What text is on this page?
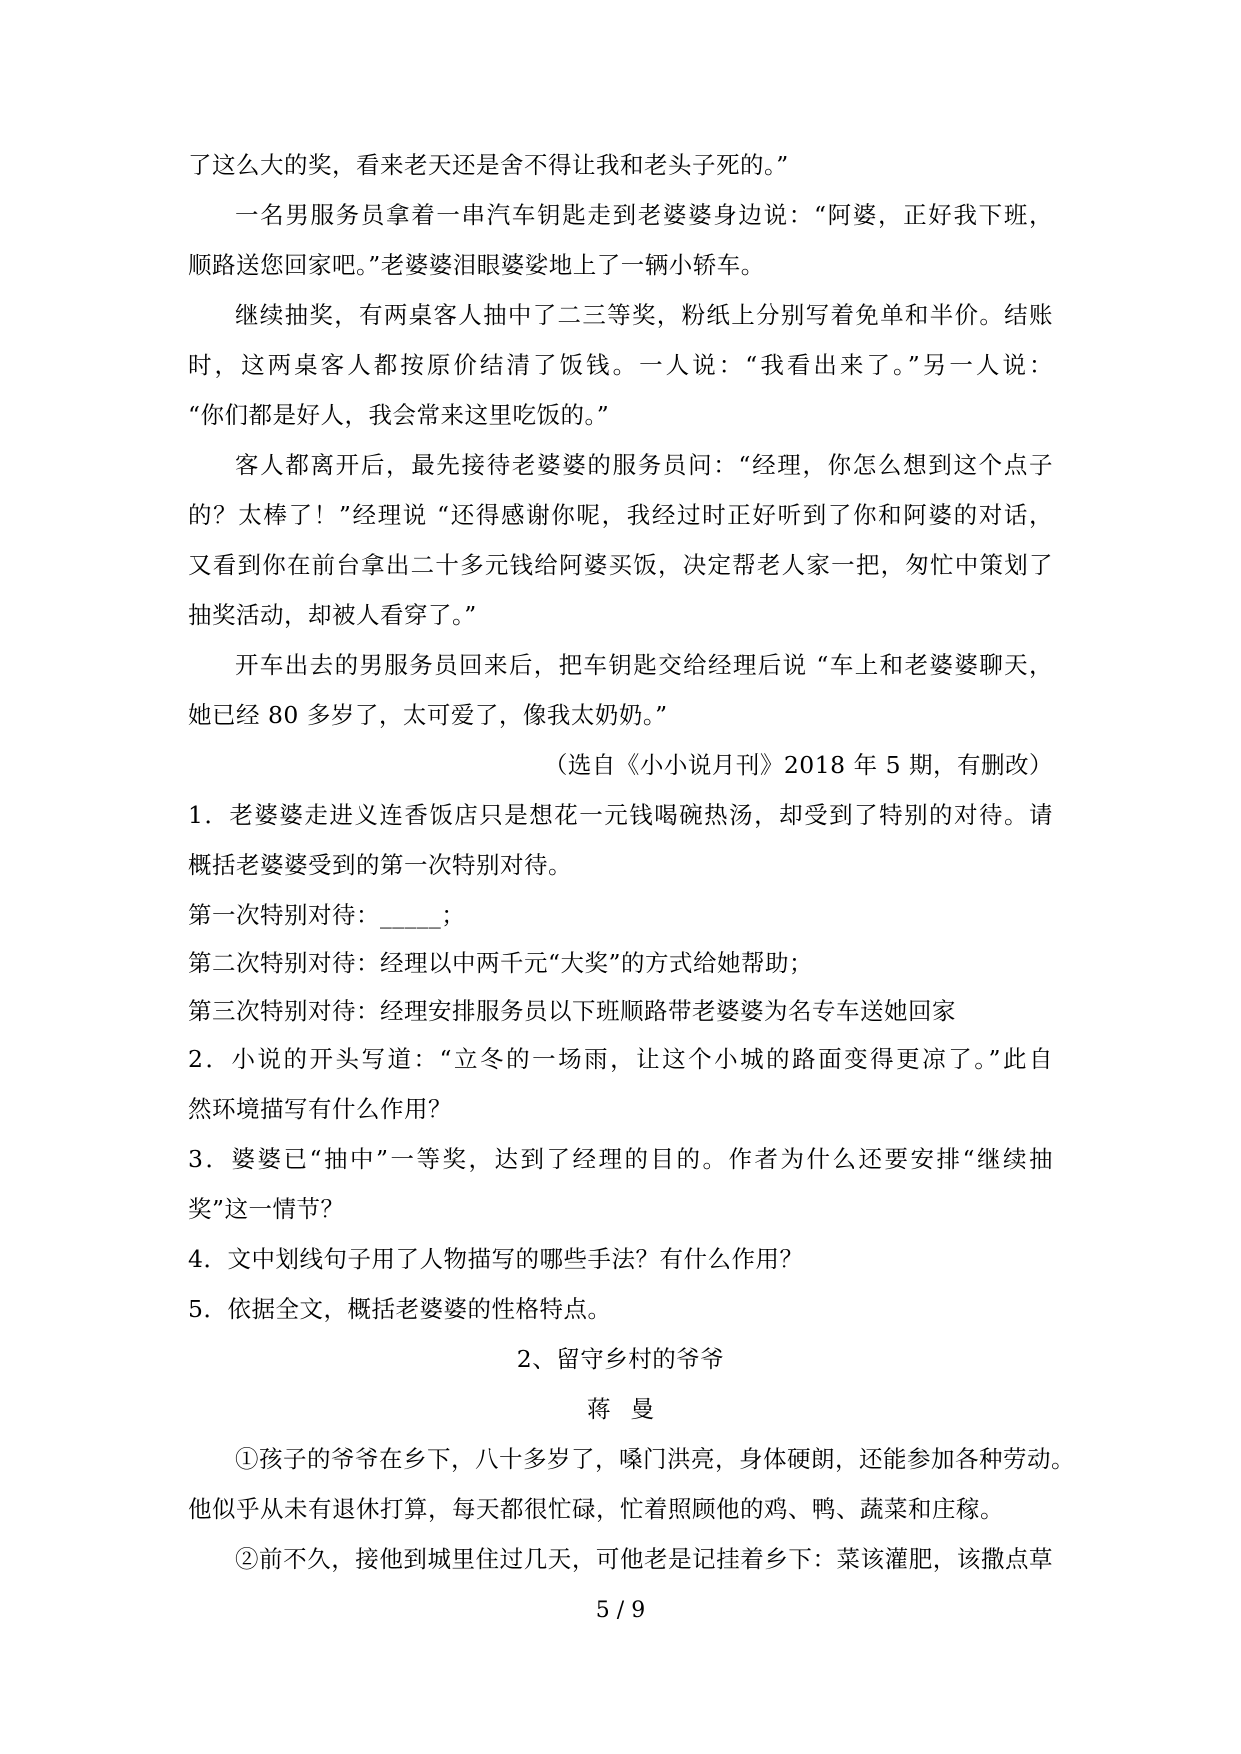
了这么大的奖，看来老天还是舍不得让我和老头子死的。”
一名男服务员拿着一串汽车钥匙走到老婆婆身边说：“阿婆，正好我下班，
顺路送您回家吧。”老婆婆泪眼婆娑地上了一辆小轿车。
继续抽奖，有两桌客人抽中了二三等奖，粉纸上分别写着免单和半价。结账
时，这两桌客人都按原价结清了饭钱。一人说：“我看出来了。”另一人说：
“你们都是好人，我会常来这里吃饭的。”
客人都离开后，最先接待老婆婆的服务员问：“经理，你怎么想到这个点子
的？太棒了！”经理说 “还得感谢你呢，我经过时正好听到了你和阿婆的对话，
又看到你在前台拿出二十多元钱给阿婆买饭，决定帮老人家一把，匆忙中策划了
抽奖活动，却被人看穿了。”
开车出去的男服务员回来后，把车钥匙交给经理后说 “车上和老婆婆聊天，
她已经 80 多岁了，太可爱了，像我太奶奶。”
（选自《小小说月刊》2018 年 5 期，有删改）
1．老婆婆走进义连香饭店只是想花一元钱喝碗热汤，却受到了特别的对待。请
概括老婆婆受到的第一次特别对待。
第一次特别对待：_____；
第二次特别对待：经理以中两千元“大奖”的方式给她帮助；
第三次特别对待：经理安排服务员以下班顺路带老婆婆为名专车送她回家
2．小说的开头写道：“立冬的一场雨，让这个小城的路面变得更凉了。”此自
然环境描写有什么作用？
3．婆婆已“抽中”一等奖，达到了经理的目的。作者为什么还要安排“继续抽
奖”这一情节？
4．文中划线句子用了人物描写的哪些手法？有什么作用？
5．依据全文，概括老婆婆的性格特点。
2、留守乡村的爷爷
蒋 曼
①孩子的爷爷在乡下，八十多岁了，嗓门洪亮，身体硬朗，还能参加各种劳动。
他似乎从未有退休打算，每天都很忙碌，忙着照顾他的鸡、鸭、蔬菜和庄稼。
②前不久，接他到城里住过几天，可他老是记挂着乡下：菜该灌肥，该撒点草
5 / 9
